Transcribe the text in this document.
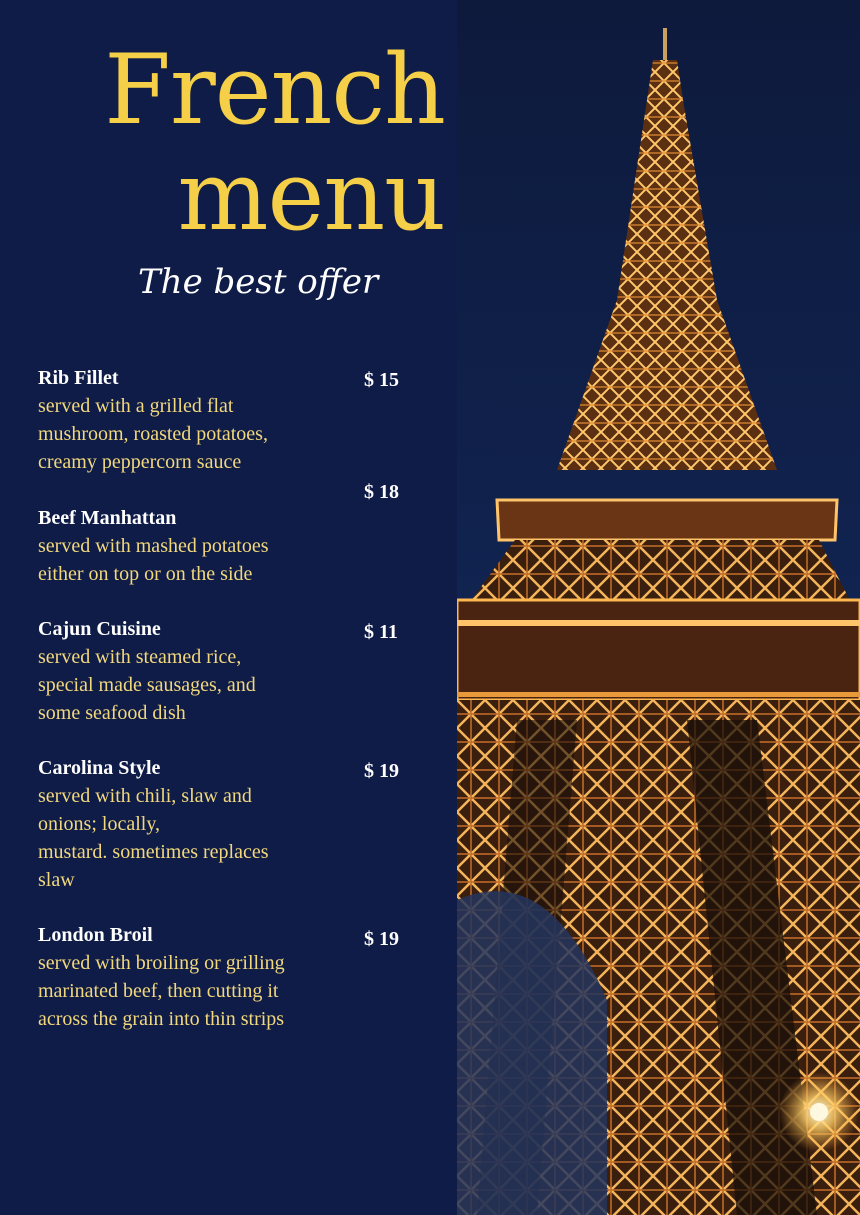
French
menu

The best offer

Rib Fillet

served with a grilled flat

mushroom, roasted potatoes,

creamy peppercorn sauce

$ 15
$ 18

Beef Manhattan

served with mashed potatoes

either on top or on the side

Cajun Cuisine

served with steamed rice,

special made sausages, and

some seafood dish

$ 11

Carolina Style

served with chili, slaw and

onions; locally,

mustard. sometimes replaces

slaw

$ 19

London Broil

served with broiling or grilling

marinated beef, then cutting it

across the grain into thin strips

$ 19
